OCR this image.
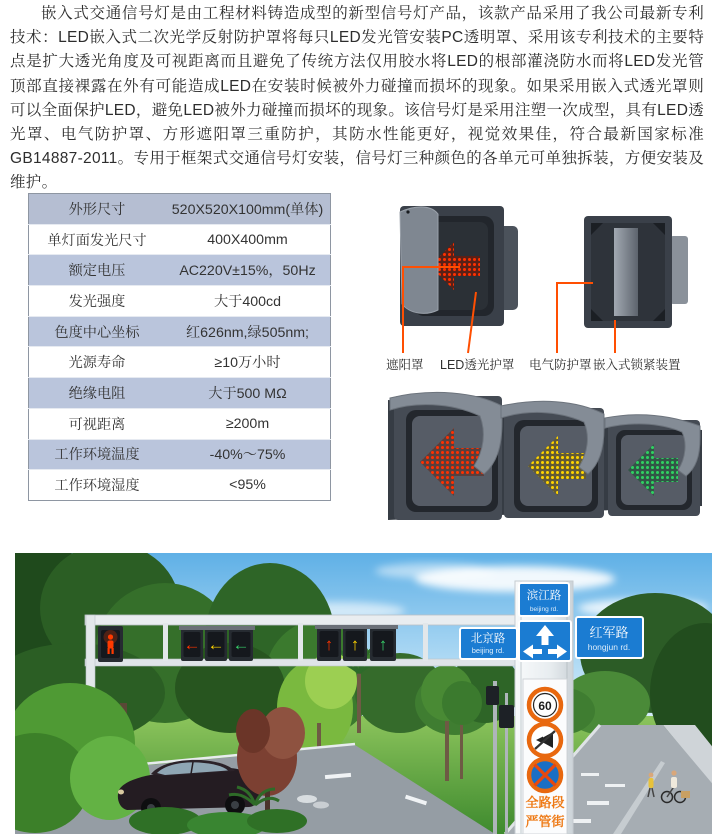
嵌入式交通信号灯是由工程材料铸造成型的新型信号灯产品，该款产品采用了我公司最新专利技术：LED嵌入式二次光学反射防护罩将每只LED发光管安装PC透明罩、采用该专利技术的主要特点是扩大透光角度及可视距离而且避免了传统方法仅用胶水将LED的根部灌浇防水而将LED发光管顶部直接裸露在外有可能造成LED在安装时候被外力碰撞而损坏的现象。如果采用嵌入式透光罩则可以全面保护LED，避免LED被外力碰撞而损坏的现象。该信号灯是采用注塑一次成型，具有LED透光罩、电气防护罩、方形遮阳罩三重防护，其防水性能更好，视觉效果佳，符合最新国家标准GB14887-2011。专用于框架式交通信号灯安装，信号灯三种颜色的各单元可单独拆装，方便安装及维护。

外形尺寸	520X520X100mm(单体)
单灯面发光尺寸	400X400mm
额定电压	AC220V±15%，50Hz
发光强度	大于400cd
色度中心坐标	红626nm,绿505nm;
光源寿命	≥10万小时
绝缘电阻	大于500 MΩ
可视距离	≥200m
工作环境温度	-40%～75%
工作环境湿度	<95%
遮阳罩 LED透光护罩 电气防护罩 嵌入式锁紧装置
← ← ←	↑ ↑ ↑
滨江路
beijing rd.
北京路
beijing rd.
红军路
hongjun rd.
60
全路段
严管街
